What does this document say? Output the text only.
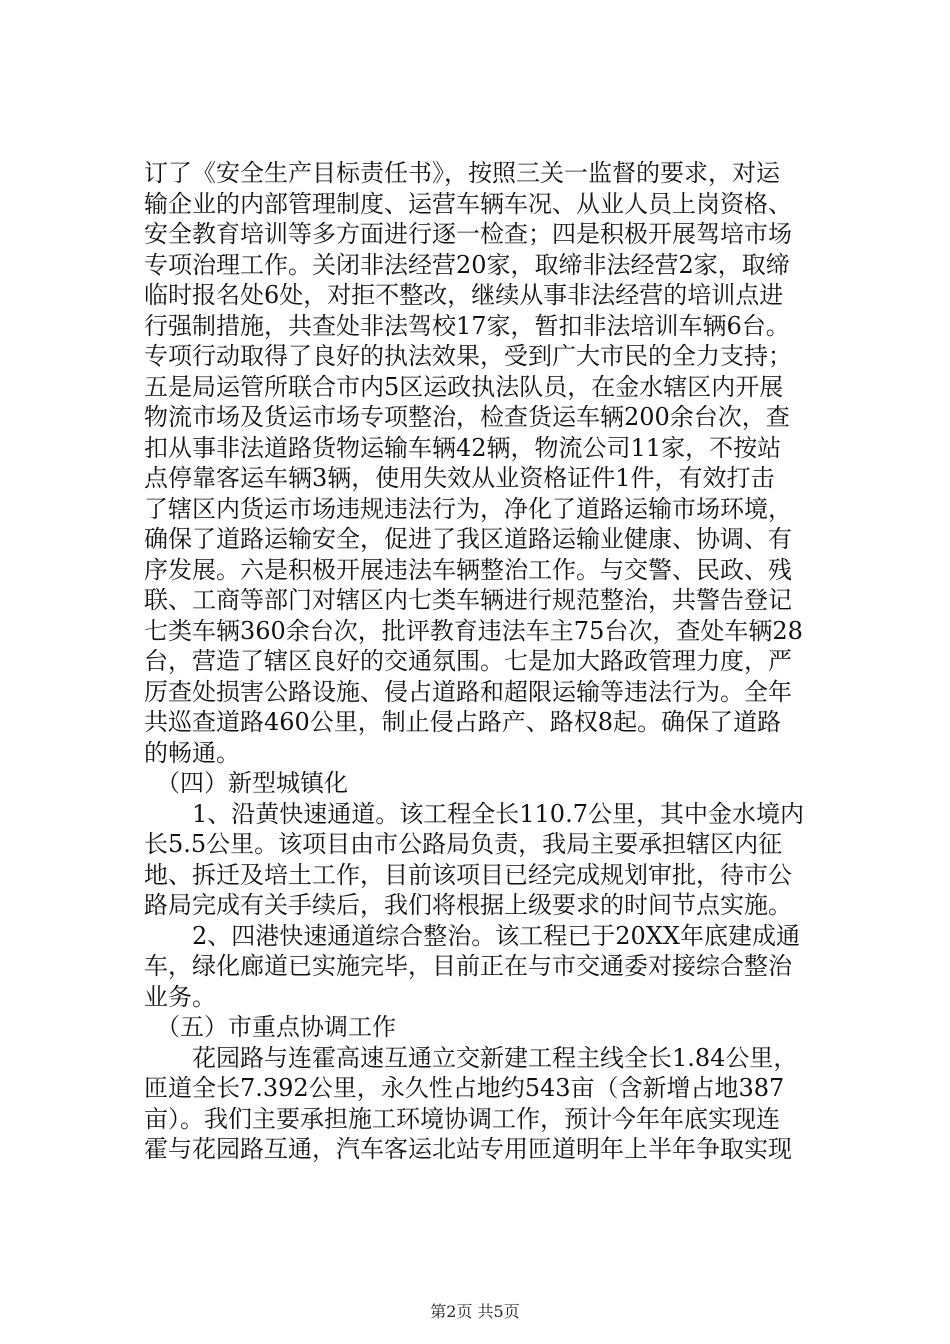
订了《安全生产目标责任书》，按照三关一监督的要求，对运
输企业的内部管理制度、运营车辆车况、从业人员上岗资格、
安全教育培训等多方面进行逐一检查；四是积极开展驾培市场
专项治理工作。关闭非法经营20家，取缔非法经营2家，取缔
临时报名处6处，对拒不整改，继续从事非法经营的培训点进
行强制措施，共查处非法驾校17家，暂扣非法培训车辆6台。
专项行动取得了良好的执法效果，受到广大市民的全力支持；
五是局运管所联合市内5区运政执法队员，在金水辖区内开展
物流市场及货运市场专项整治，检查货运车辆200余台次，查
扣从事非法道路货物运输车辆42辆，物流公司11家，不按站
点停靠客运车辆3辆，使用失效从业资格证件1件，有效打击
了辖区内货运市场违规违法行为，净化了道路运输市场环境，
确保了道路运输安全，促进了我区道路运输业健康、协调、有
序发展。六是积极开展违法车辆整治工作。与交警、民政、残
联、工商等部门对辖区内七类车辆进行规范整治，共警告登记
七类车辆360余台次，批评教育违法车主75台次，查处车辆28
台，营造了辖区良好的交通氛围。七是加大路政管理力度，严
厉查处损害公路设施、侵占道路和超限运输等违法行为。全年
共巡查道路460公里，制止侵占路产、路权8起。确保了道路
的畅通。
　（四）新型城镇化
　　1、沿黄快速通道。该工程全长110.7公里，其中金水境内
长5.5公里。该项目由市公路局负责，我局主要承担辖区内征
地、拆迁及培土工作，目前该项目已经完成规划审批，待市公
路局完成有关手续后，我们将根据上级要求的时间节点实施。
　　2、四港快速通道综合整治。该工程已于20XX年底建成通
车，绿化廊道已实施完毕，目前正在与市交通委对接综合整治
业务。
　（五）市重点协调工作
　　花园路与连霍高速互通立交新建工程主线全长1.84公里，
匝道全长7.392公里，永久性占地约543亩（含新增占地387
亩）。我们主要承担施工环境协调工作，预计今年年底实现连
霍与花园路互通，汽车客运北站专用匝道明年上半年争取实现
第2页 共5页
